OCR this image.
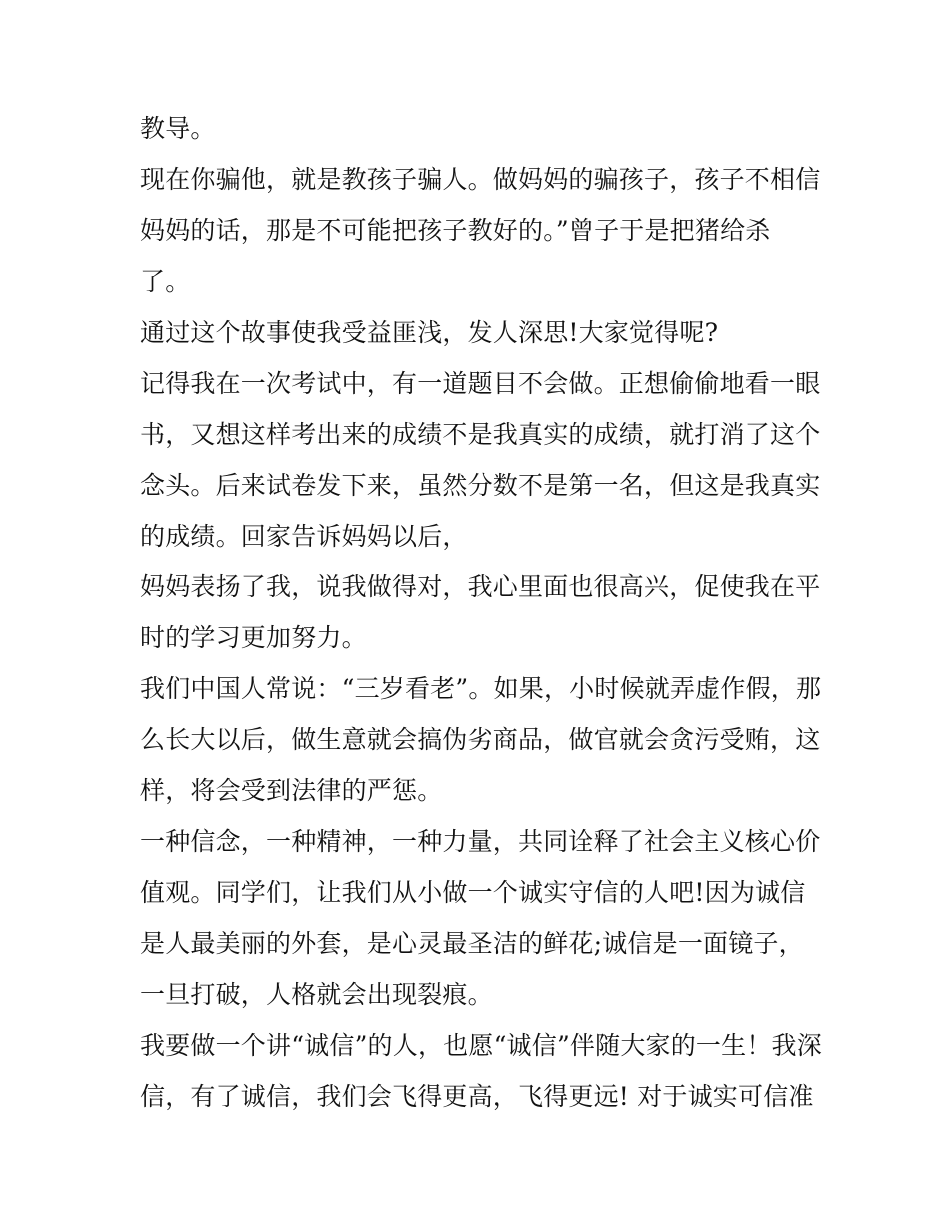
教导。
现在你骗他，就是教孩子骗人。做妈妈的骗孩子，孩子不相信
妈妈的话，那是不可能把孩子教好的。”曾子于是把猪给杀
了。
通过这个故事使我受益匪浅，发人深思!大家觉得呢?
记得我在一次考试中，有一道题目不会做。正想偷偷地看一眼
书，又想这样考出来的成绩不是我真实的成绩，就打消了这个
念头。后来试卷发下来，虽然分数不是第一名，但这是我真实
的成绩。回家告诉妈妈以后，
妈妈表扬了我，说我做得对，我心里面也很高兴，促使我在平
时的学习更加努力。
我们中国人常说：“三岁看老”。如果，小时候就弄虚作假，那
么长大以后，做生意就会搞伪劣商品，做官就会贪污受贿，这
样，将会受到法律的严惩。
一种信念，一种精神，一种力量，共同诠释了社会主义核心价
值观。同学们，让我们从小做一个诚实守信的人吧!因为诚信
是人最美丽的外套，是心灵最圣洁的鲜花;诚信是一面镜子，
一旦打破，人格就会出现裂痕。
我要做一个讲“诚信”的人，也愿“诚信”伴随大家的一生！我深
信，有了诚信，我们会飞得更高，飞得更远! 对于诚实可信准
